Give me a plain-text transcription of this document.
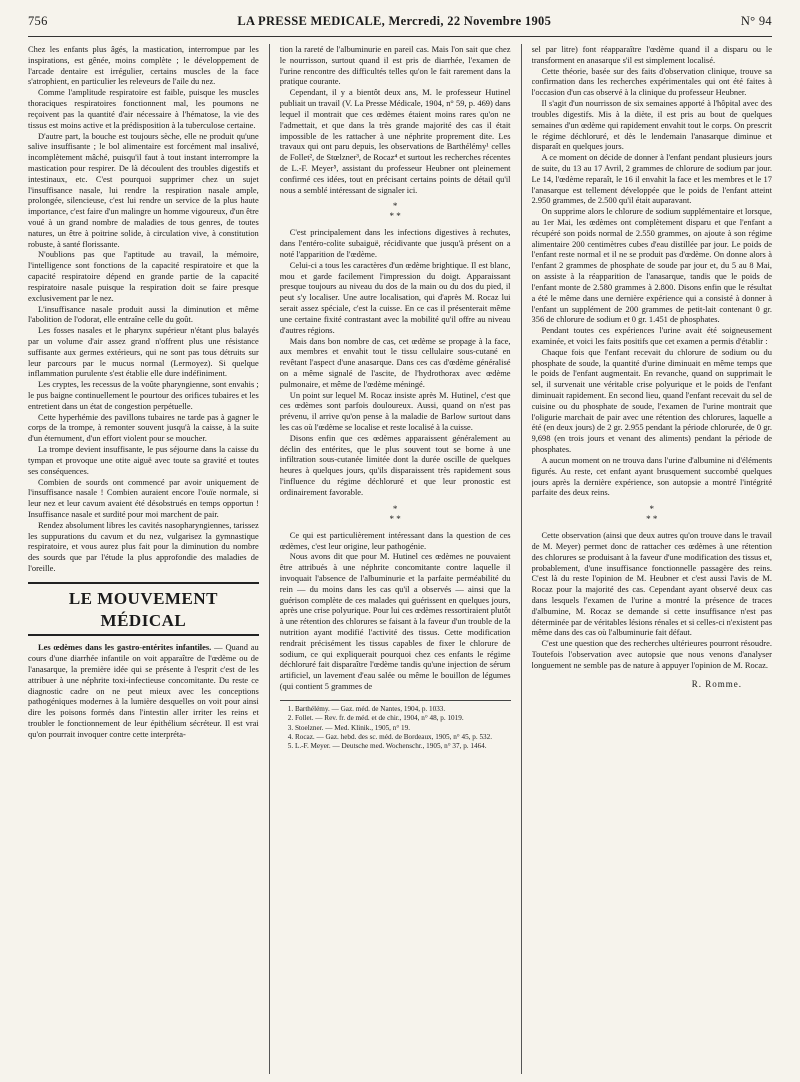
756	LA PRESSE MEDICALE, Mercredi, 22 Novembre 1905	N° 94

Chez les enfants plus âgés, la mastication, interrompue par les inspirations, est gênée, moins complète ; le développement de l'arcade dentaire est irrégulier, certains muscles de la face s'atrophient, en particulier les releveurs de l'aile du nez.

Comme l'amplitude respiratoire est faible, puisque les muscles thoraciques respiratoires fonctionnent mal, les poumons ne reçoivent pas la quantité d'air nécessaire à l'hématose, la vie des tissus est moins active et la prédisposition à la tuberculose certaine.

D'autre part, la bouche est toujours sèche, elle ne produit qu'une salive insuffisante ; le bol alimentaire est forcément mal insalivé, incomplètement mâché, puisqu'il faut à tout instant interrompre la mastication pour respirer. De là découlent des troubles digestifs et intestinaux, etc. C'est pourquoi supprimer chez un sujet l'insuffisance nasale, lui rendre la respiration nasale ample, prolongée, silencieuse, c'est lui rendre un service de la plus haute importance, c'est faire d'un malingre un homme vigoureux, d'un être voué à un grand nombre de maladies de tous genres, de toutes natures, un être à poitrine solide, à circulation vive, à constitution robuste, à santé florissante.

N'oublions pas que l'aptitude au travail, la mémoire, l'intelligence sont fonctions de la capacité respiratoire et que la capacité respiratoire dépend en grande partie de la capacité respiratoire nasale puisque la respiration doit se faire presque exclusivement par le nez.

L'insuffisance nasale produit aussi la diminution et même l'abolition de l'odorat, elle entraîne celle du goût.

Les fosses nasales et le pharynx supérieur n'étant plus balayés par un volume d'air assez grand n'offrent plus une résistance suffisante aux germes extérieurs, qui ne sont pas tous détruits sur leur parcours par le mucus normal (Lermoyez). Si quelque inflammation purulente s'est établie elle dure indéfiniment.

Les cryptes, les recessus de la voûte pharyngienne, sont envahis ; le pus baigne continuellement le pourtour des orifices tubaires et les entretient dans un état de congestion perpétuelle.

Cette hyperhémie des pavillons tubaires ne tarde pas à gagner le corps de la trompe, à remonter souvent jusqu'à la caisse, à la suite d'un éternument, d'un effort violent pour se moucher.

La trompe devient insuffisante, le pus séjourne dans la caisse du tympan et provoque une otite aiguë avec toute sa gravité et toutes ses conséquences.

Combien de sourds ont commencé par avoir uniquement de l'insuffisance nasale ! Combien auraient encore l'ouïe normale, si leur nez et leur cavum avaient été désobstrués en temps opportun ! Insuffisance nasale et surdité pour moi marchent de pair.

Rendez absolument libres les cavités nasopharyngiennes, tarissez les suppurations du cavum et du nez, vulgarisez la gymnastique respiratoire, et vous aurez plus fait pour la diminution du nombre des sourds que par l'étude la plus approfondie des maladies de l'oreille.

LE MOUVEMENT MÉDICAL

Les œdèmes dans les gastro-entérites infantiles. — Quand au cours d'une diarrhée infantile on voit apparaître de l'œdème ou de l'anasarque, la première idée qui se présente à l'esprit c'est de les attribuer à une néphrite toxi-infectieuse concomitante. Du reste ce diagnostic cadre on ne peut mieux avec les conceptions pathogéniques modernes à la lumière desquelles on voit pour ainsi dire les poisons formés dans l'intestin aller irriter les reins et troubler le fonctionnement de leur épithélium sécréteur. Il est vrai qu'on pourrait invoquer contre cette interpréta-

tion la rareté de l'albuminurie en pareil cas. Mais l'on sait que chez le nourrisson, surtout quand il est pris de diarrhée, l'examen de l'urine rencontre des difficultés telles qu'on le fait rarement dans la pratique courante.

Cependant, il y a bientôt deux ans, M. le professeur Hutinel publiait un travail (V. La Presse Médicale, 1904, n° 59, p. 469) dans lequel il montrait que ces œdèmes étaient moins rares qu'on ne l'admettait, et que dans la très grande majorité des cas il était impossible de les rattacher à une néphrite proprement dite. Les travaux qui ont paru depuis, les observations de Barthélémy¹ celles de Follet², de Stœlzner³, de Rocaz⁴ et surtout les recherches récentes de L.-F. Meyer⁵, assistant du professeur Heubner ont pleinement confirmé ces idées, tout en précisant certains points de détail qu'il nous a semblé intéressant de signaler ici.

*
* *

C'est principalement dans les infections digestives à rechutes, dans l'entéro-colite subaiguë, récidivante que jusqu'à présent on a noté l'apparition de l'œdème.

Celui-ci a tous les caractères d'un œdème brightique. Il est blanc, mou et garde facilement l'impression du doigt. Apparaissant presque toujours au niveau du dos de la main ou du dos du pied, il peut s'y localiser. Une autre localisation, qui d'après M. Rocaz lui serait assez spéciale, c'est la cuisse. En ce cas il présenterait même une certaine fixité contrastant avec la mobilité qu'il offre au niveau d'autres régions.

Mais dans bon nombre de cas, cet œdème se propage à la face, aux membres et envahit tout le tissu cellulaire sous-cutané en revêtant l'aspect d'une anasarque. Dans ces cas d'œdème généralisé on a même signalé de l'ascite, de l'hydrothorax avec œdème pulmonaire, et même de l'œdème méningé.

Un point sur lequel M. Rocaz insiste après M. Hutinel, c'est que ces œdèmes sont parfois douloureux. Aussi, quand on n'est pas prévenu, il arrive qu'on pense à la maladie de Barlow surtout dans les cas où l'œdème se localise et reste localisé à la cuisse.

Disons enfin que ces œdèmes apparaissent généralement au déclin des entérites, que le plus souvent tout se borne à une infiltration sous-cutanée limitée dont la durée oscille de quelques heures à quelques jours, qu'ils disparaissent très rapidement sous l'influence du régime déchloruré et que leur pronostic est ordinairement favorable.

*
* *

Ce qui est particulièrement intéressant dans la question de ces œdèmes, c'est leur origine, leur pathogénie.

Nous avons dit que pour M. Hutinel ces œdèmes ne pouvaient être attribués à une néphrite concomitante contre laquelle il invoquait l'absence de l'albuminurie et la parfaite perméabilité du rein — du moins dans les cas qu'il a observés — ainsi que la guérison complète de ces malades qui guérissent en quelques jours, après une crise polyurique. Pour lui ces œdèmes ressortiraient plutôt à une rétention des chlorures se faisant à la faveur d'un trouble de la nutrition ayant modifié l'activité des tissus. Cette modification rendrait précisément les tissus capables de fixer le chlorure de sodium, ce qui expliquerait pourquoi chez ces enfants le régime déchloruré fait disparaître l'œdème tandis qu'une injection de sérum artificiel, un lavement d'eau salée ou même le bouillon de légumes (qui contient 5 grammes de

1. Barthélémy. — Gaz. méd. de Nantes, 1904, p. 1033.
2. Follet. — Rev. fr. de méd. et de chir., 1904, n° 48, p. 1019.
3. Stoelzner. — Med. Klinik., 1905, n° 19.
4. Rocaz. — Gaz. hebd. des sc. méd. de Bordeaux, 1905, n° 45, p. 532.
5. L.-F. Meyer. — Deutsche med. Wochenschr., 1905, n° 37, p. 1464.

sel par litre) font réapparaître l'œdème quand il a disparu ou le transforment en anasarque s'il est simplement localisé.

Cette théorie, basée sur des faits d'observation clinique, trouve sa confirmation dans les recherches expérimentales qui ont été faites à l'occasion d'un cas observé à la clinique du professeur Heubner.

Il s'agit d'un nourrisson de six semaines apporté à l'hôpital avec des troubles digestifs. Mis à la diète, il est pris au bout de quelques semaines d'un œdème qui rapidement envahit tout le corps. On prescrit le régime déchloruré, et dès le lendemain l'anasarque diminue et disparaît en quelques jours.

A ce moment on décide de donner à l'enfant pendant plusieurs jours de suite, du 13 au 17 Avril, 2 grammes de chlorure de sodium par jour. Le 14, l'œdème reparaît, le 16 il envahit la face et les membres et le 17 l'anasarque est tellement développée que le poids de l'enfant atteint 2.950 grammes, de 2.500 qu'il était auparavant.

On supprime alors le chlorure de sodium supplémentaire et lorsque, au 1er Mai, les œdèmes ont complètement disparu et que l'enfant a récupéré son poids normal de 2.550 grammes, on ajoute à son régime alimentaire 200 centimètres cubes d'eau distillée par jour. Le poids de l'enfant reste normal et il ne se produit pas d'œdème. On donne alors à l'enfant 2 grammes de phosphate de soude par jour et, du 5 au 8 Mai, on assiste à la réapparition de l'anasarque, tandis que le poids de l'enfant monte de 2.580 grammes à 2.800. Disons enfin que le résultat a été le même dans une dernière expérience qui a consisté à donner à l'enfant un supplément de 200 grammes de petit-lait contenant 0 gr. 356 de chlorure de sodium et 0 gr. 1.451 de phosphates.

Pendant toutes ces expériences l'urine avait été soigneusement examinée, et voici les faits positifs que cet examen a permis d'établir :

Chaque fois que l'enfant recevait du chlorure de sodium ou du phosphate de soude, la quantité d'urine diminuait en même temps que le poids de l'enfant augmentait. En revanche, quand on supprimait le sel, il survenait une véritable crise polyurique et le poids de l'enfant diminuait rapidement. En second lieu, quand l'enfant recevait du sel de cuisine ou du phosphate de soude, l'examen de l'urine montrait que l'oligurie marchait de pair avec une rétention des chlorures, laquelle a été (en deux jours) de 2 gr. 2.955 pendant la période chlorurée, de 0 gr. 9,698 (en trois jours et venant des aliments) pendant la période de phosphates.

A aucun moment on ne trouva dans l'urine d'albumine ni d'éléments figurés. Au reste, cet enfant ayant brusquement succombé quelques jours après la dernière expérience, son autopsie a montré l'intégrité parfaite des deux reins.

*
* *

Cette observation (ainsi que deux autres qu'on trouve dans le travail de M. Meyer) permet donc de rattacher ces œdèmes à une rétention des chlorures se produisant à la faveur d'une modification des tissus et, probablement, d'une insuffisance fonctionnelle passagère des reins. C'est là du reste l'opinion de M. Heubner et c'est aussi l'avis de M. Rocaz pour la majorité des cas. Cependant ayant observé deux cas dans lesquels l'examen de l'urine a montré la présence de traces d'albumine, M. Rocaz se demande si cette insuffisance n'est pas déterminée par de véritables lésions rénales et si celles-ci n'existent pas même dans des cas où l'albuminurie fait défaut.

C'est une question que des recherches ultérieures pourront résoudre. Toutefois l'observation avec autopsie que nous venons d'analyser longuement ne semble pas de nature à appuyer l'opinion de M. Rocaz.

R. Romme.
